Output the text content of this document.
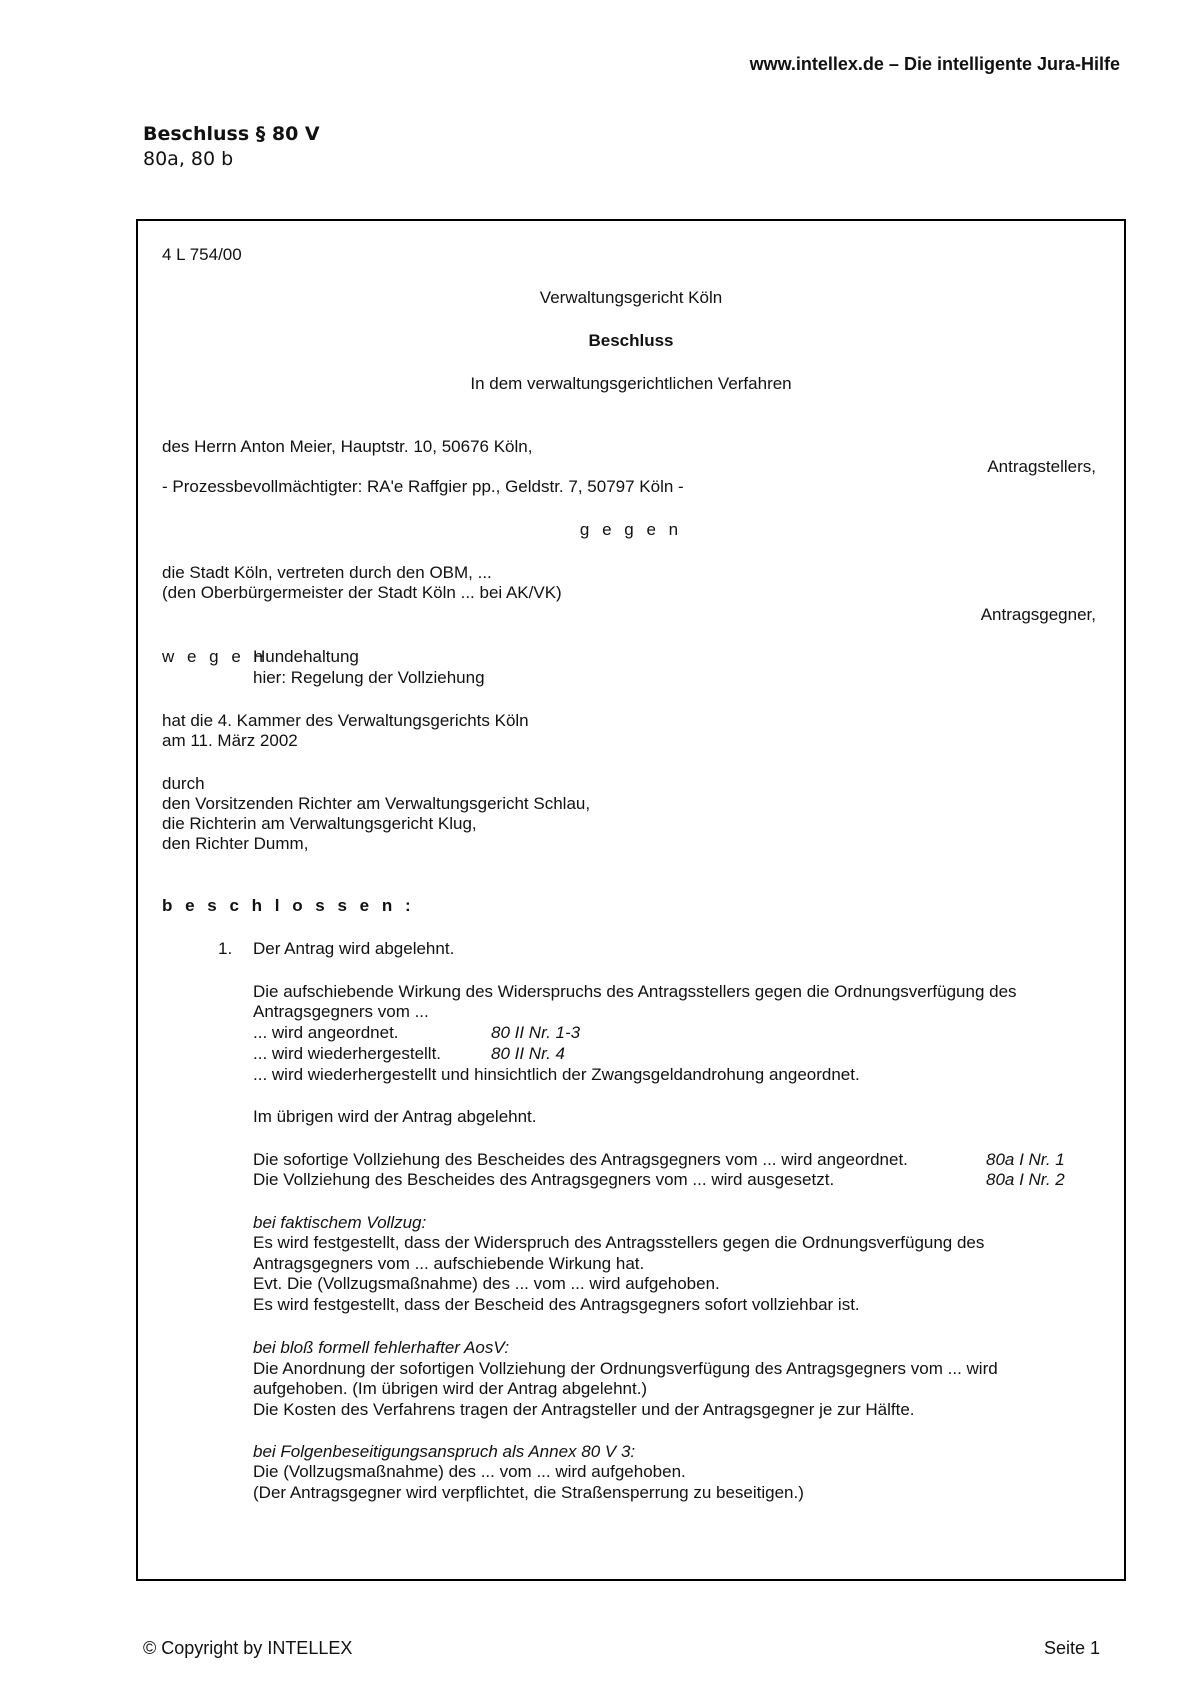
www.intellex.de – Die intelligente Jura-Hilfe
Beschluss § 80 V
80a, 80 b
4 L 754/00
Verwaltungsgericht Köln
Beschluss
In dem verwaltungsgerichtlichen Verfahren
des Herrn Anton Meier, Hauptstr. 10, 50676 Köln,
Antragstellers,
- Prozessbevollmächtigter: RA'e Raffgier pp., Geldstr. 7, 50797 Köln -
g e g e n
die Stadt Köln, vertreten durch den OBM, ...
(den Oberbürgermeister der Stadt Köln ... bei AK/VK)
Antragsgegner,
w e g e n
Hundehaltung
hier: Regelung der Vollziehung
hat die 4. Kammer des Verwaltungsgerichts Köln
am 11. März 2002
durch
den Vorsitzenden Richter am Verwaltungsgericht Schlau,
die Richterin am Verwaltungsgericht Klug,
den Richter Dumm,
b e s c h l o s s e n :
1. Der Antrag wird abgelehnt.
Die aufschiebende Wirkung des Widerspruchs des Antragsstellers gegen die Ordnungsverfügung des
Antragsgegners vom ...
... wird angeordnet.	80 II Nr. 1-3
... wird wiederhergestellt.	80 II Nr. 4
... wird wiederhergestellt und hinsichtlich der Zwangsgeldandrohung angeordnet.
Im übrigen wird der Antrag abgelehnt.
Die sofortige Vollziehung des Bescheides des Antragsgegners vom ... wird angeordnet.	80a I Nr. 1
Die Vollziehung des Bescheides des Antragsgegners vom ... wird ausgesetzt.	80a I Nr. 2
bei faktischem Vollzug:
Es wird festgestellt, dass der Widerspruch des Antragsstellers gegen die Ordnungsverfügung des
Antragsgegners vom ... aufschiebende Wirkung hat.
Evt. Die (Vollzugsmaßnahme) des ... vom ... wird aufgehoben.
Es wird festgestellt, dass der Bescheid des Antragsgegners sofort vollziehbar ist.
bei bloß formell fehlerhafter AosV:
Die Anordnung der sofortigen Vollziehung der Ordnungsverfügung des Antragsgegners vom ... wird
aufgehoben. (Im übrigen wird der Antrag abgelehnt.)
Die Kosten des Verfahrens tragen der Antragsteller und der Antragsgegner je zur Hälfte.
bei Folgenbeseitigungsanspruch als Annex 80 V 3:
Die (Vollzugsmaßnahme) des ... vom ... wird aufgehoben.
(Der Antragsgegner wird verpflichtet, die Straßensperrung zu beseitigen.)
© Copyright by INTELLEX	Seite 1
